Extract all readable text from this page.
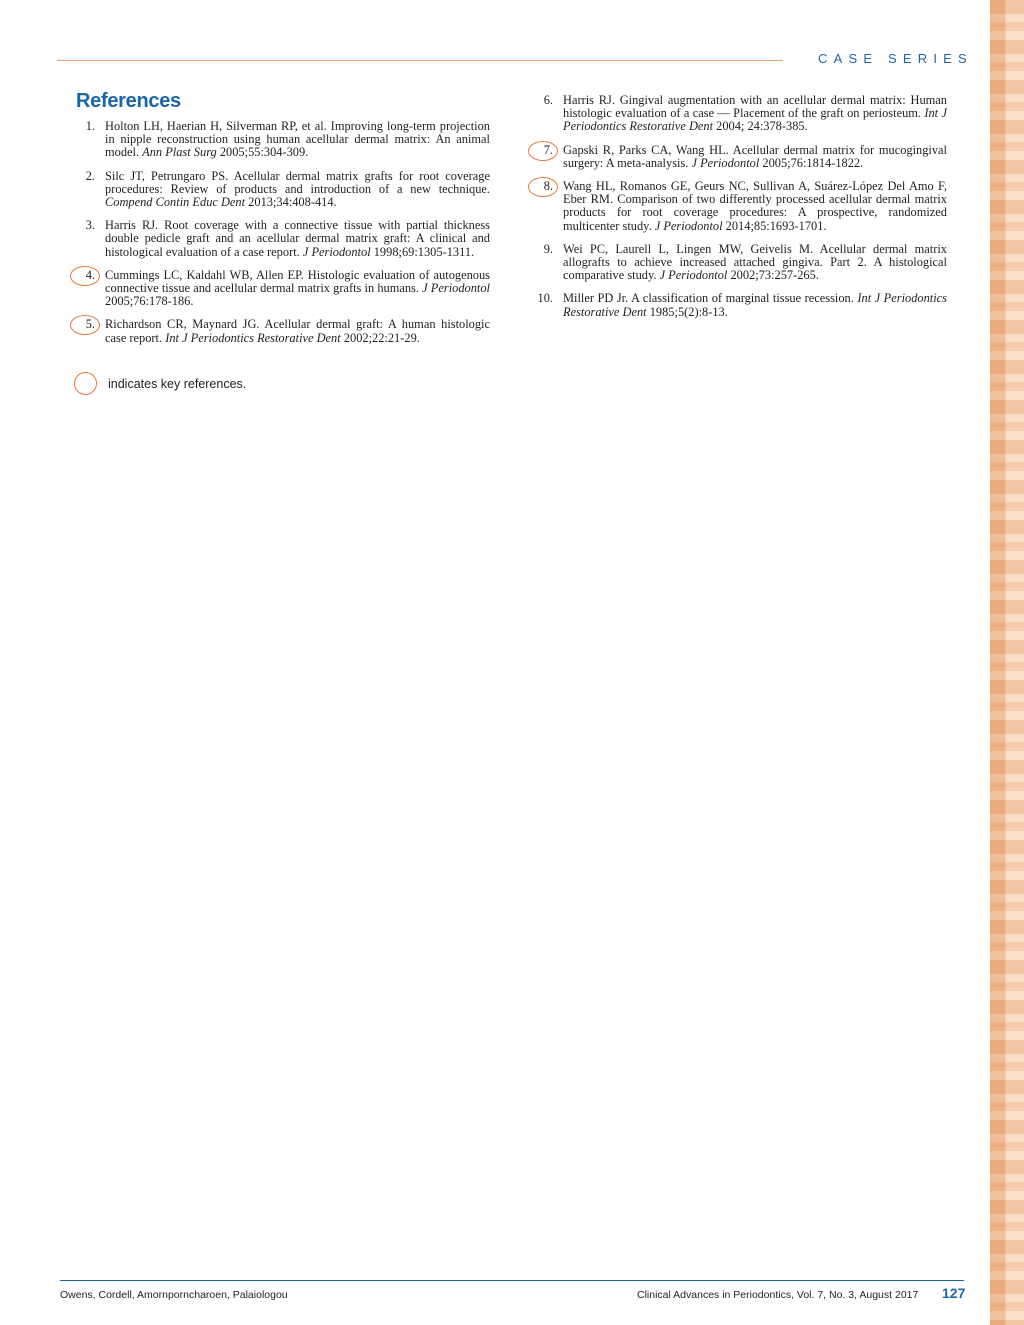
CASE SERIES
References
1. Holton LH, Haerian H, Silverman RP, et al. Improving long-term projection in nipple reconstruction using human acellular dermal matrix: An animal model. Ann Plast Surg 2005;55:304-309.
2. Silc JT, Petrungaro PS. Acellular dermal matrix grafts for root coverage procedures: Review of products and introduction of a new technique. Compend Contin Educ Dent 2013;34:408-414.
3. Harris RJ. Root coverage with a connective tissue with partial thickness double pedicle graft and an acellular dermal matrix graft: A clinical and histological evaluation of a case report. J Periodontol 1998;69:1305-1311.
4. Cummings LC, Kaldahl WB, Allen EP. Histologic evaluation of autogenous connective tissue and acellular dermal matrix grafts in humans. J Periodontol 2005;76:178-186.
5. Richardson CR, Maynard JG. Acellular dermal graft: A human histologic case report. Int J Periodontics Restorative Dent 2002;22:21-29.
6. Harris RJ. Gingival augmentation with an acellular dermal matrix: Human histologic evaluation of a case — Placement of the graft on periosteum. Int J Periodontics Restorative Dent 2004; 24:378-385.
7. Gapski R, Parks CA, Wang HL. Acellular dermal matrix for mucogingival surgery: A meta-analysis. J Periodontol 2005;76:1814-1822.
8. Wang HL, Romanos GE, Geurs NC, Sullivan A, Suárez-López Del Amo F, Eber RM. Comparison of two differently processed acellular dermal matrix products for root coverage procedures: A prospective, randomized multicenter study. J Periodontol 2014;85:1693-1701.
9. Wei PC, Laurell L, Lingen MW, Geivelis M. Acellular dermal matrix allografts to achieve increased attached gingiva. Part 2. A histological comparative study. J Periodontol 2002;73:257-265.
10. Miller PD Jr. A classification of marginal tissue recession. Int J Periodontics Restorative Dent 1985;5(2):8-13.
indicates key references.
Owens, Cordell, Amornporncharoen, Palaiologou	Clinical Advances in Periodontics, Vol. 7, No. 3, August 2017 127
